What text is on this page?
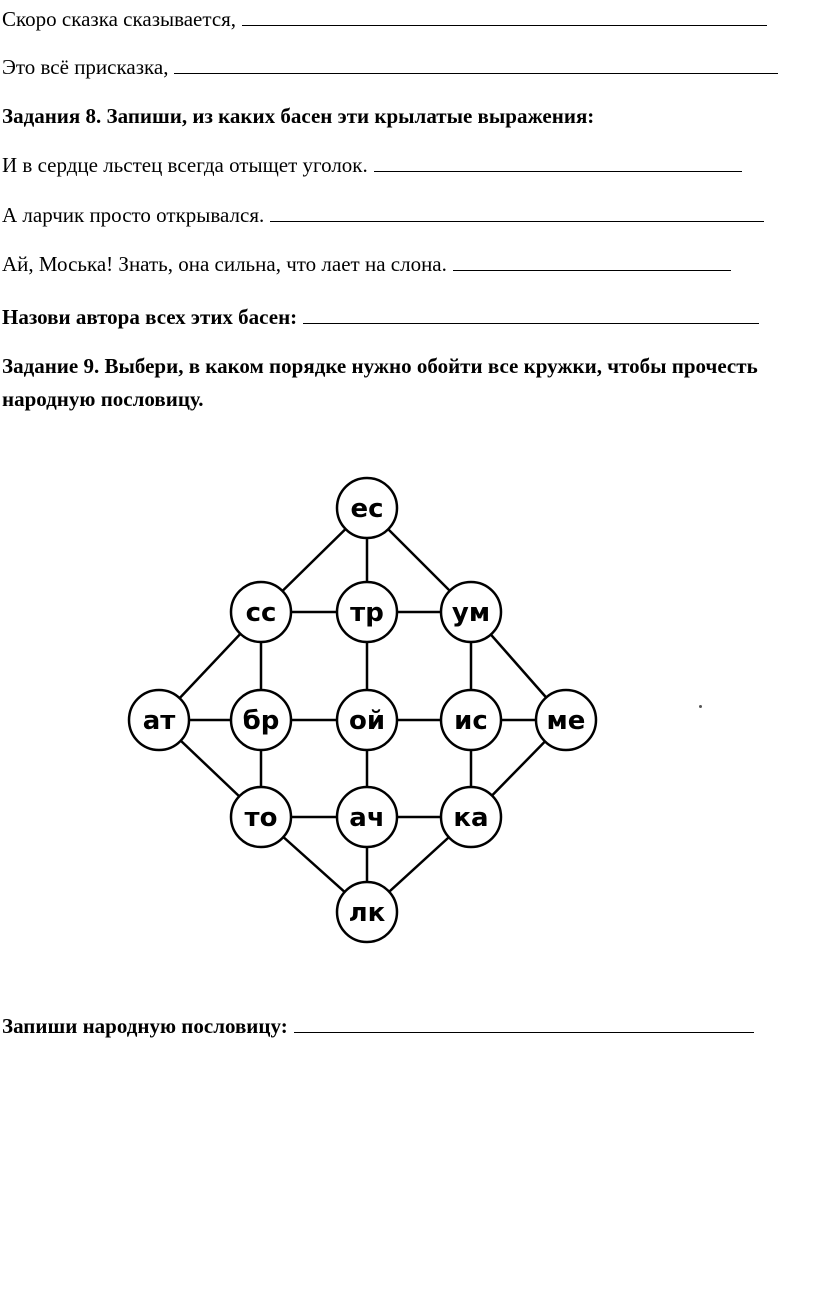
Скоро сказка сказывается,
Это всё присказка,
Задания 8. Запиши, из каких басен эти крылатые выражения:
И в сердце льстец всегда отыщет уголок.
А ларчик просто открывался.
Ай, Моська! Знать, она сильна, что лает на слона.
Назови автора всех этих басен:
Задание 9. Выбери, в каком порядке нужно обойти все кружки, чтобы прочесть народную пословицу.
ес
сс	тр	ум
ат	бр	ой	ис ме
то	ач	ка
лк
Запиши народную пословицу:
